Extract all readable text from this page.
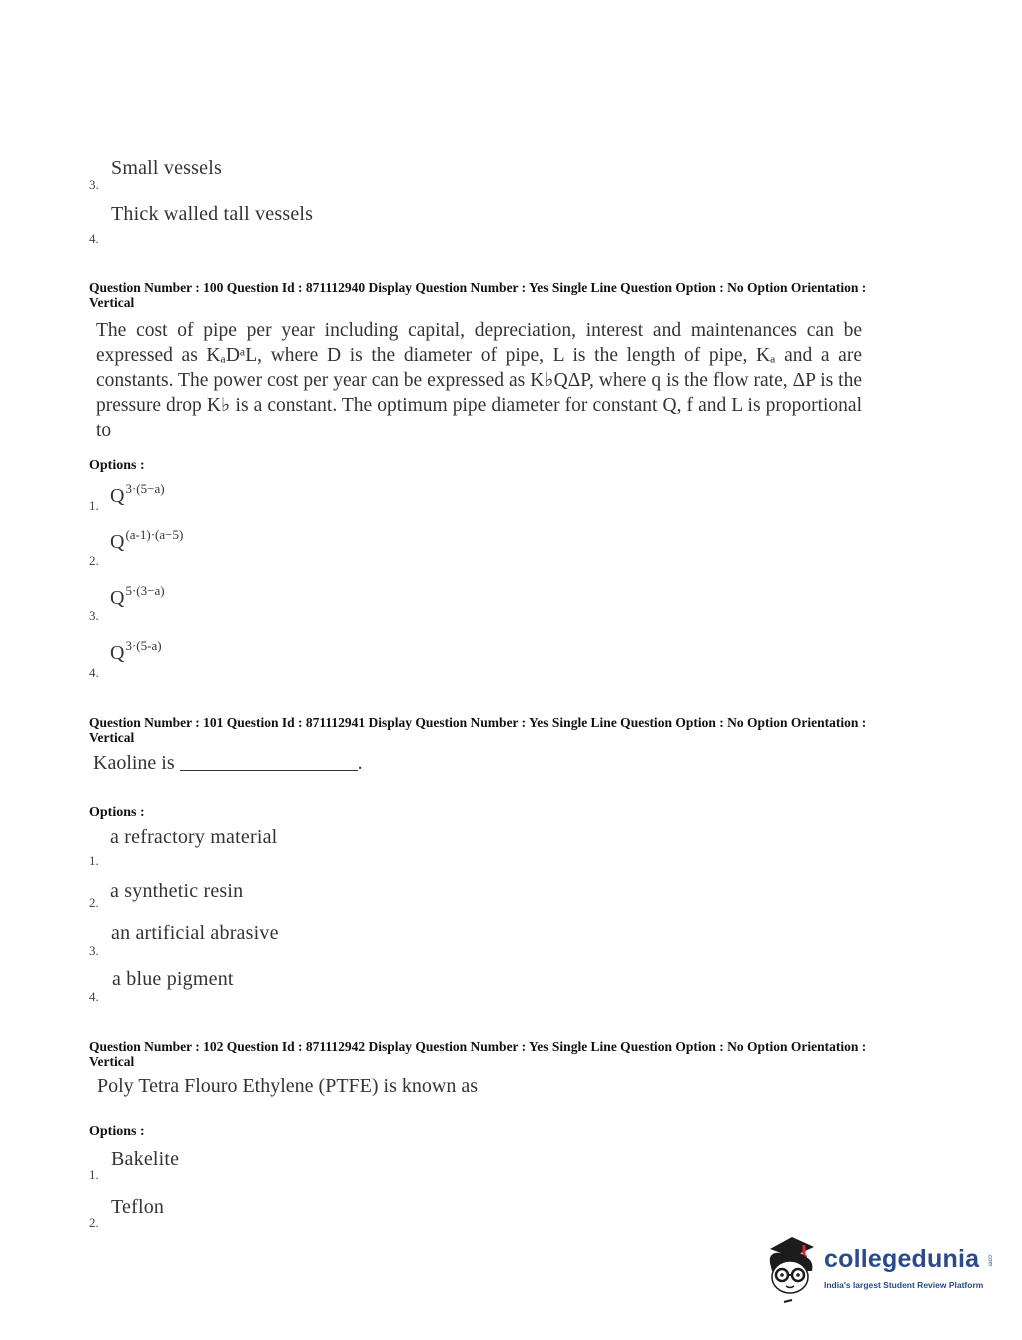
Small vessels
3.
Thick walled tall vessels
4.
Question Number : 100 Question Id : 871112940 Display Question Number : Yes Single Line Question Option : No Option Orientation : Vertical
The cost of pipe per year including capital, depreciation, interest and maintenances can be expressed as KₐDᵃL, where D is the diameter of pipe, L is the length of pipe, Kₐ and a are constants. The power cost per year can be expressed as K♭QΔP, where q is the flow rate, ΔP is the pressure drop K♭ is a constant. The optimum pipe diameter for constant Q, f and L is proportional to
Options :
$Q^{3\cdot(5-a)}$
1.
$Q^{(a-1)\cdot(a-5)}$
2.
$Q^{5\cdot(3-a)}$
3.
$Q^{3\cdot(5-a)}$
4.
Question Number : 101 Question Id : 871112941 Display Question Number : Yes Single Line Question Option : No Option Orientation : Vertical
Kaoline is	.
Options :
a refractory material
1.
a synthetic resin
2.
an artificial abrasive
3.
a blue pigment
4.
Question Number : 102 Question Id : 871112942 Display Question Number : Yes Single Line Question Option : No Option Orientation : Vertical
Poly Tetra Flouro Ethylene (PTFE) is known as
Options :
Bakelite
1.
Teflon
2.
collegedunia .com
India's largest Student Review Platform
